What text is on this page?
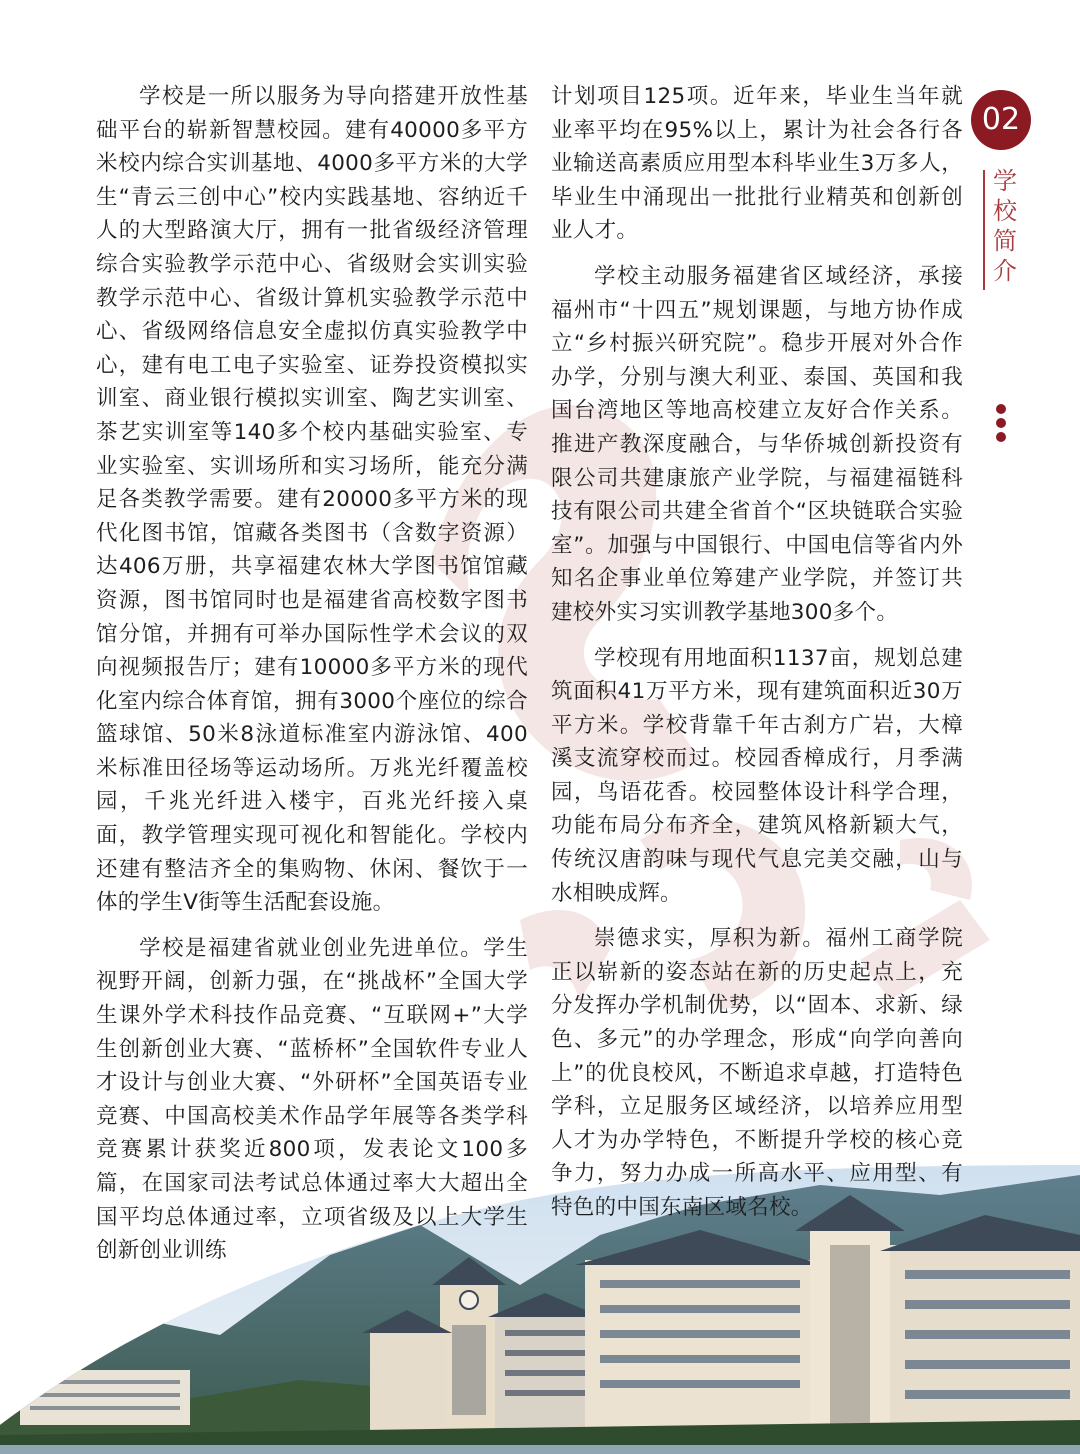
学校是一所以服务为导向搭建开放性基础平台的崭新智慧校园。建有40000多平方米校内综合实训基地、4000多平方米的大学生“青云三创中心”校内实践基地、容纳近千人的大型路演大厅，拥有一批省级经济管理综合实验教学示范中心、省级财会实训实验教学示范中心、省级计算机实验教学示范中心、省级网络信息安全虚拟仿真实验教学中心，建有电工电子实验室、证券投资模拟实训室、商业银行模拟实训室、陶艺实训室、茶艺实训室等140多个校内基础实验室、专业实验室、实训场所和实习场所，能充分满足各类教学需要。建有20000多平方米的现代化图书馆，馆藏各类图书（含数字资源）达406万册，共享福建农林大学图书馆馆藏资源，图书馆同时也是福建省高校数字图书馆分馆，并拥有可举办国际性学术会议的双向视频报告厅；建有10000多平方米的现代化室内综合体育馆，拥有3000个座位的综合篮球馆、50米8泳道标准室内游泳馆、400米标准田径场等运动场所。万兆光纤覆盖校园，千兆光纤进入楼宇，百兆光纤接入桌面，教学管理实现可视化和智能化。学校内还建有整洁齐全的集购物、休闲、餐饮于一体的学生V街等生活配套设施。

学校是福建省就业创业先进单位。学生视野开阔，创新力强，在“挑战杯”全国大学生课外学术科技作品竞赛、“互联网+”大学生创新创业大赛、“蓝桥杯”全国软件专业人才设计与创业大赛、“外研杯”全国英语专业竞赛、中国高校美术作品学年展等各类学科竞赛累计获奖近800项，发表论文100多篇，在国家司法考试总体通过率大大超出全国平均总体通过率，立项省级及以上大学生创新创业训练

计划项目125项。近年来，毕业生当年就业率平均在95%以上，累计为社会各行各业输送高素质应用型本科毕业生3万多人，毕业生中涌现出一批批行业精英和创新创业人才。

学校主动服务福建省区域经济，承接福州市“十四五”规划课题，与地方协作成立“乡村振兴研究院”。稳步开展对外合作办学，分别与澳大利亚、泰国、英国和我国台湾地区等地高校建立友好合作关系。推进产教深度融合，与华侨城创新投资有限公司共建康旅产业学院，与福建福链科技有限公司共建全省首个“区块链联合实验室”。加强与中国银行、中国电信等省内外知名企事业单位筹建产业学院，并签订共建校外实习实训教学基地300多个。

学校现有用地面积1137亩，规划总建筑面积41万平方米，现有建筑面积近30万平方米。学校背靠千年古刹方广岩，大樟溪支流穿校而过。校园香樟成行，月季满园，鸟语花香。校园整体设计科学合理，功能布局分布齐全，建筑风格新颖大气，传统汉唐韵味与现代气息完美交融，山与水相映成辉。

崇德求实，厚积为新。福州工商学院正以崭新的姿态站在新的历史起点上，充分发挥办学机制优势，以“固本、求新、绿色、多元”的办学理念，形成“向学向善向上”的优良校风，不断追求卓越，打造特色学科，立足服务区域经济，以培养应用型人才为办学特色，不断提升学校的核心竞争力，努力办成一所高水平、应用型、有特色的中国东南区域名校。

02
学
校
简
介
